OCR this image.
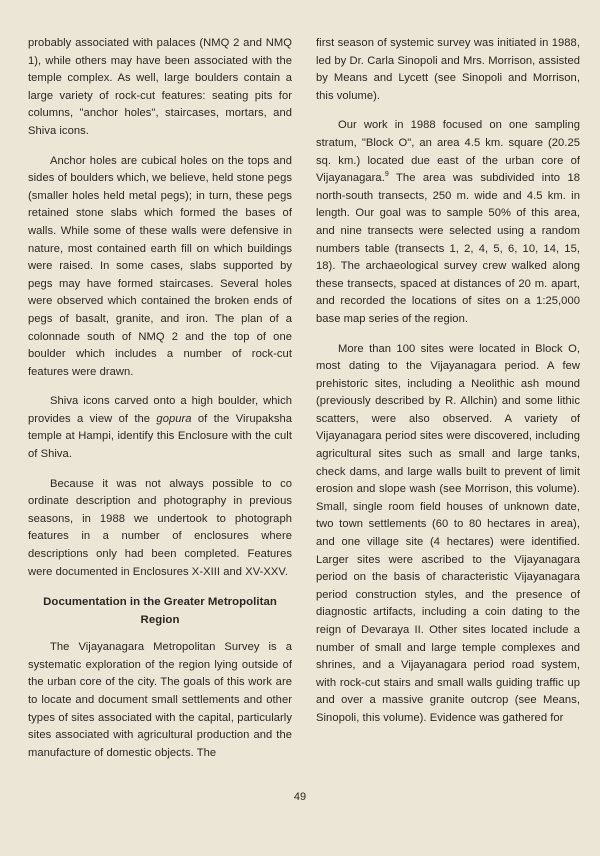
probably associated with palaces (NMQ 2 and NMQ 1), while others may have been associated with the temple complex. As well, large boulders contain a large variety of rock-cut features: seating pits for columns, "anchor holes", staircases, mortars, and Shiva icons.

Anchor holes are cubical holes on the tops and sides of boulders which, we believe, held stone pegs (smaller holes held metal pegs); in turn, these pegs retained stone slabs which formed the bases of walls. While some of these walls were defensive in nature, most contained earth fill on which buildings were raised. In some cases, slabs supported by pegs may have formed staircases. Several holes were observed which contained the broken ends of pegs of basalt, granite, and iron. The plan of a colonnade south of NMQ 2 and the top of one boulder which includes a number of rock-cut features were drawn.

Shiva icons carved onto a high boulder, which provides a view of the gopura of the Virupaksha temple at Hampi, identify this Enclosure with the cult of Shiva.

Because it was not always possible to co ordinate description and photography in previous seasons, in 1988 we undertook to photograph features in a number of enclosures where descriptions only had been completed. Features were documented in Enclosures X-XIII and XV-XXV.

Documentation in the Greater Metropolitan Region

The Vijayanagara Metropolitan Survey is a systematic exploration of the region lying outside of the urban core of the city. The goals of this work are to locate and document small settlements and other types of sites associated with the capital, particularly sites associated with agricultural production and the manufacture of domestic objects. The

first season of systemic survey was initiated in 1988, led by Dr. Carla Sinopoli and Mrs. Morrison, assisted by Means and Lycett (see Sinopoli and Morrison, this volume).

Our work in 1988 focused on one sampling stratum, "Block O", an area 4.5 km. square (20.25 sq. km.) located due east of the urban core of Vijayanagara.$^9$ The area was subdivided into 18 north-south transects, 250 m. wide and 4.5 km. in length. Our goal was to sample 50% of this area, and nine transects were selected using a random numbers table (transects 1, 2, 4, 5, 6, 10, 14, 15, 18). The archaeological survey crew walked along these transects, spaced at distances of 20 m. apart, and recorded the locations of sites on a 1:25,000 base map series of the region.

More than 100 sites were located in Block O, most dating to the Vijayanagara period. A few prehistoric sites, including a Neolithic ash mound (previously described by R. Allchin) and some lithic scatters, were also observed. A variety of Vijayanagara period sites were discovered, including agricultural sites such as small and large tanks, check dams, and large walls built to prevent of limit erosion and slope wash (see Morrison, this volume). Small, single room field houses of unknown date, two town settlements (60 to 80 hectares in area), and one village site (4 hectares) were identified. Larger sites were ascribed to the Vijayanagara period on the basis of characteristic Vijayanagara period construction styles, and the presence of diagnostic artifacts, including a coin dating to the reign of Devaraya II. Other sites located include a number of small and large temple complexes and shrines, and a Vijayanagara period road system, with rock-cut stairs and small walls guiding traffic up and over a massive granite outcrop (see Means, Sinopoli, this volume). Evidence was gathered for

49
